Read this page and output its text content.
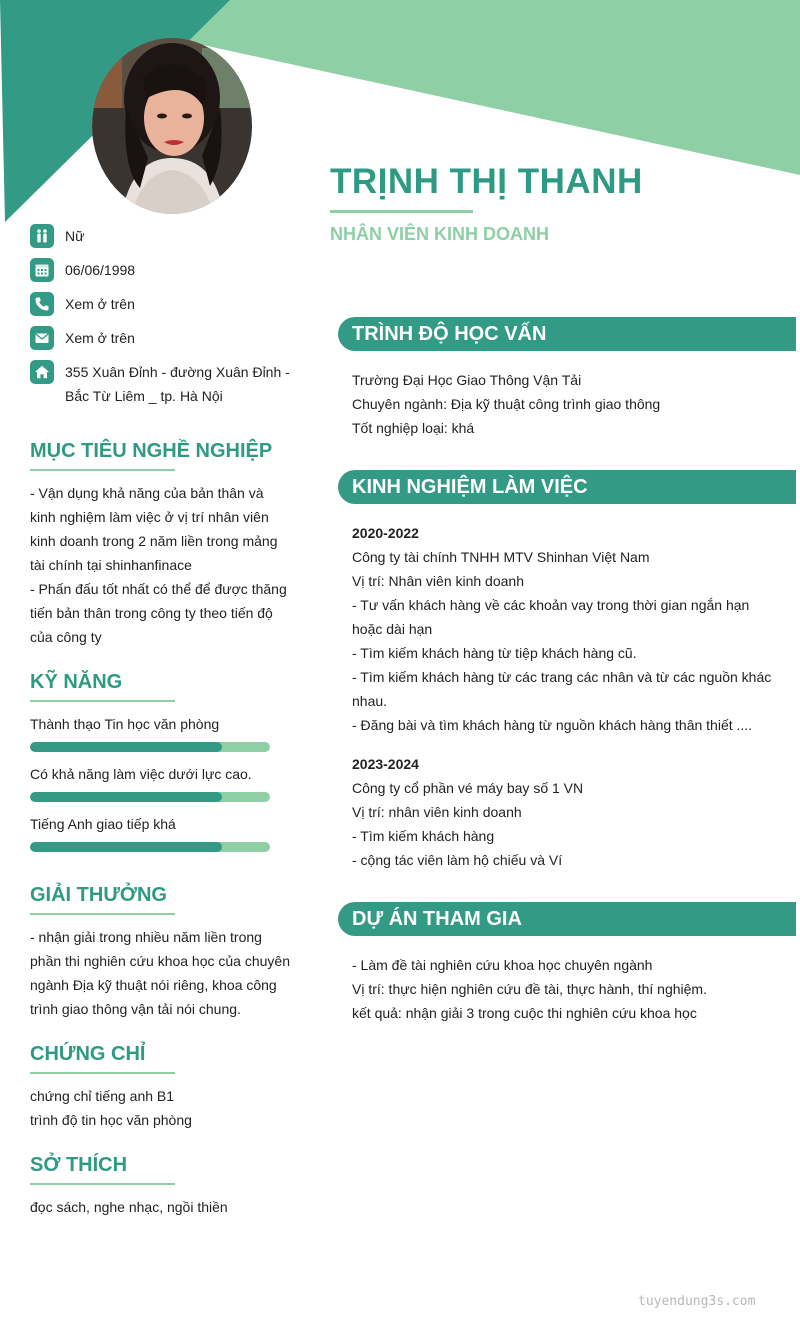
TRỊNH THỊ THANH
NHÂN VIÊN KINH DOANH
Nữ
06/06/1998
Xem ở trên
Xem ở trên
355 Xuân Đỉnh - đường Xuân Đỉnh - Bắc Từ Liêm _ tp. Hà Nội
MỤC TIÊU NGHỀ NGHIỆP

- Vận dụng khả năng của bản thân và kinh nghiệm làm việc ở vị trí nhân viên kinh doanh trong 2 năm liền trong mảng tài chính tại shinhanfinace

- Phấn đấu tốt nhất có thể để được thăng tiến bản thân trong công ty theo tiến độ của công ty

KỸ NĂNG
Thành thạo Tin học văn phòng
Có khả năng làm việc dưới lực cao.
Tiếng Anh giao tiếp khá
GIẢI THƯỞNG
- nhận giải trong nhiều năm liền trong phần thi nghiên cứu khoa học của chuyên ngành Địa kỹ thuật nói riêng, khoa công trình giao thông vận tải nói chung.
CHỨNG CHỈ

chứng chỉ tiếng anh B1

trình độ tin học văn phòng

SỞ THÍCH
đọc sách, nghe nhạc, ngồi thiền
TRÌNH ĐỘ HỌC VẤN

Trường Đại Học Giao Thông Vận Tải

Chuyên ngành: Địa kỹ thuật công trình giao thông

Tốt nghiệp loại: khá

KINH NGHIỆM LÀM VIỆC

2020-2022

Công ty tài chính TNHH MTV Shinhan Việt Nam

Vị trí: Nhân viên kinh doanh

- Tư vấn khách hàng về các khoản vay trong thời gian ngắn hạn hoặc dài hạn

- Tìm kiếm khách hàng từ tiệp khách hàng cũ.

- Tìm kiếm khách hàng từ các trang các nhân và từ các nguồn khác nhau.

- Đăng bài và tìm khách hàng từ nguồn khách hàng thân thiết ....

2023-2024

Công ty cổ phần vé máy bay số 1 VN

Vị trí: nhân viên kinh doanh

- Tìm kiếm khách hàng

- cộng tác viên làm hộ chiếu và Ví

DỰ ÁN THAM GIA

- Làm đề tài nghiên cứu khoa học chuyên ngành

Vị trí: thực hiện nghiên cứu đề tài, thực hành, thí nghiệm.

kết quả: nhận giải 3 trong cuộc thi nghiên cứu khoa học

tuyendung3s.com
